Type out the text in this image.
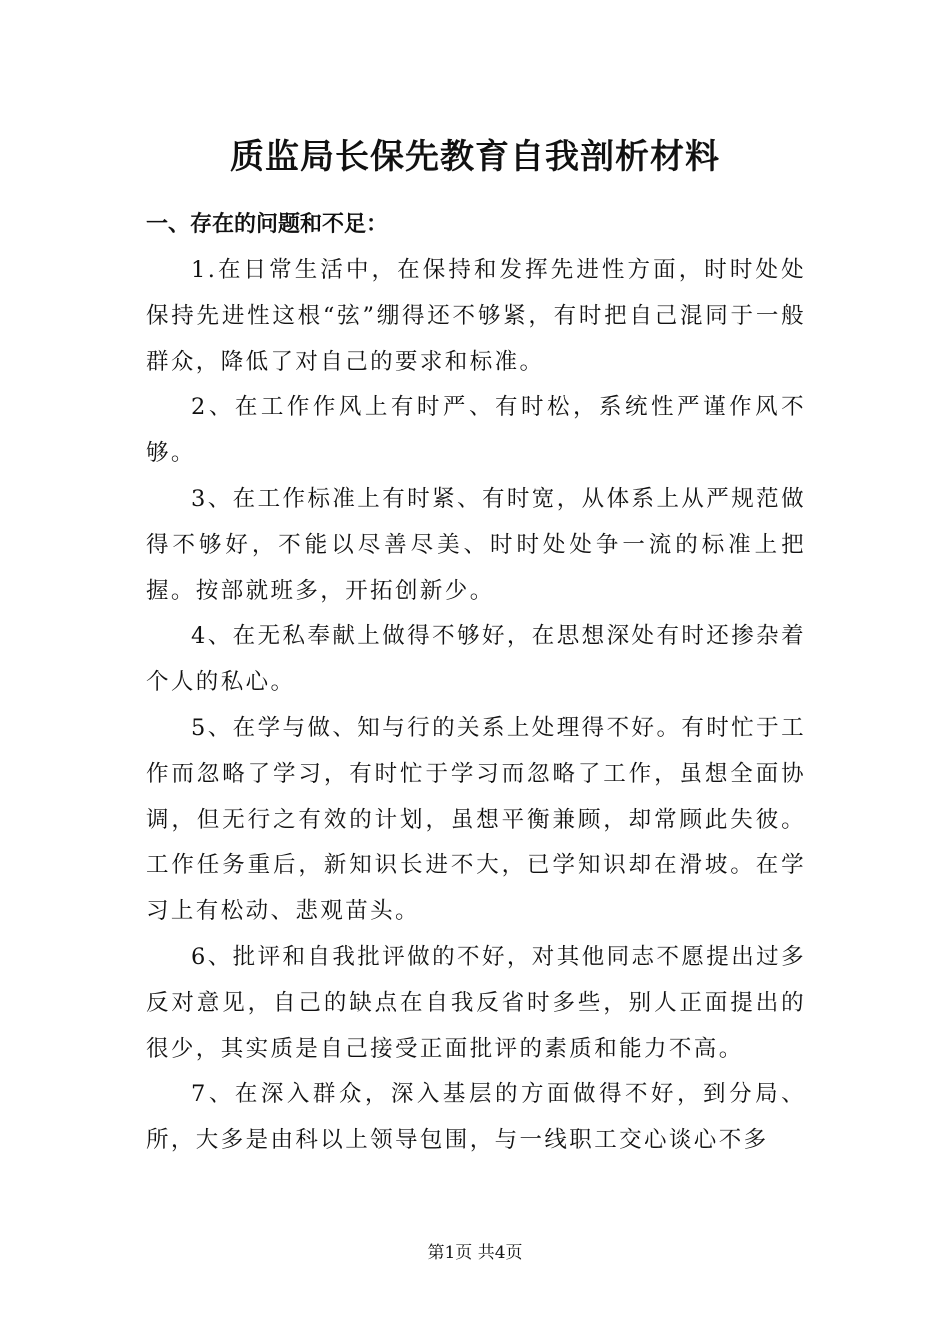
质监局长保先教育自我剖析材料
一、存在的问题和不足：

1.在日常生活中，在保持和发挥先进性方面，时时处处保持先进性这根“弦”绷得还不够紧，有时把自己混同于一般群众，降低了对自己的要求和标准。

2、在工作作风上有时严、有时松，系统性严谨作风不够。

3、在工作标准上有时紧、有时宽，从体系上从严规范做得不够好，不能以尽善尽美、时时处处争一流的标准上把握。按部就班多，开拓创新少。

4、在无私奉献上做得不够好，在思想深处有时还掺杂着个人的私心。

5、在学与做、知与行的关系上处理得不好。有时忙于工作而忽略了学习，有时忙于学习而忽略了工作，虽想全面协调，但无行之有效的计划，虽想平衡兼顾，却常顾此失彼。工作任务重后，新知识长进不大，已学知识却在滑坡。在学习上有松动、悲观苗头。

6、批评和自我批评做的不好，对其他同志不愿提出过多反对意见，自己的缺点在自我反省时多些，别人正面提出的很少，其实质是自己接受正面批评的素质和能力不高。

7、在深入群众，深入基层的方面做得不好，到分局、所，大多是由科以上领导包围，与一线职工交心谈心不多

第1页 共4页
